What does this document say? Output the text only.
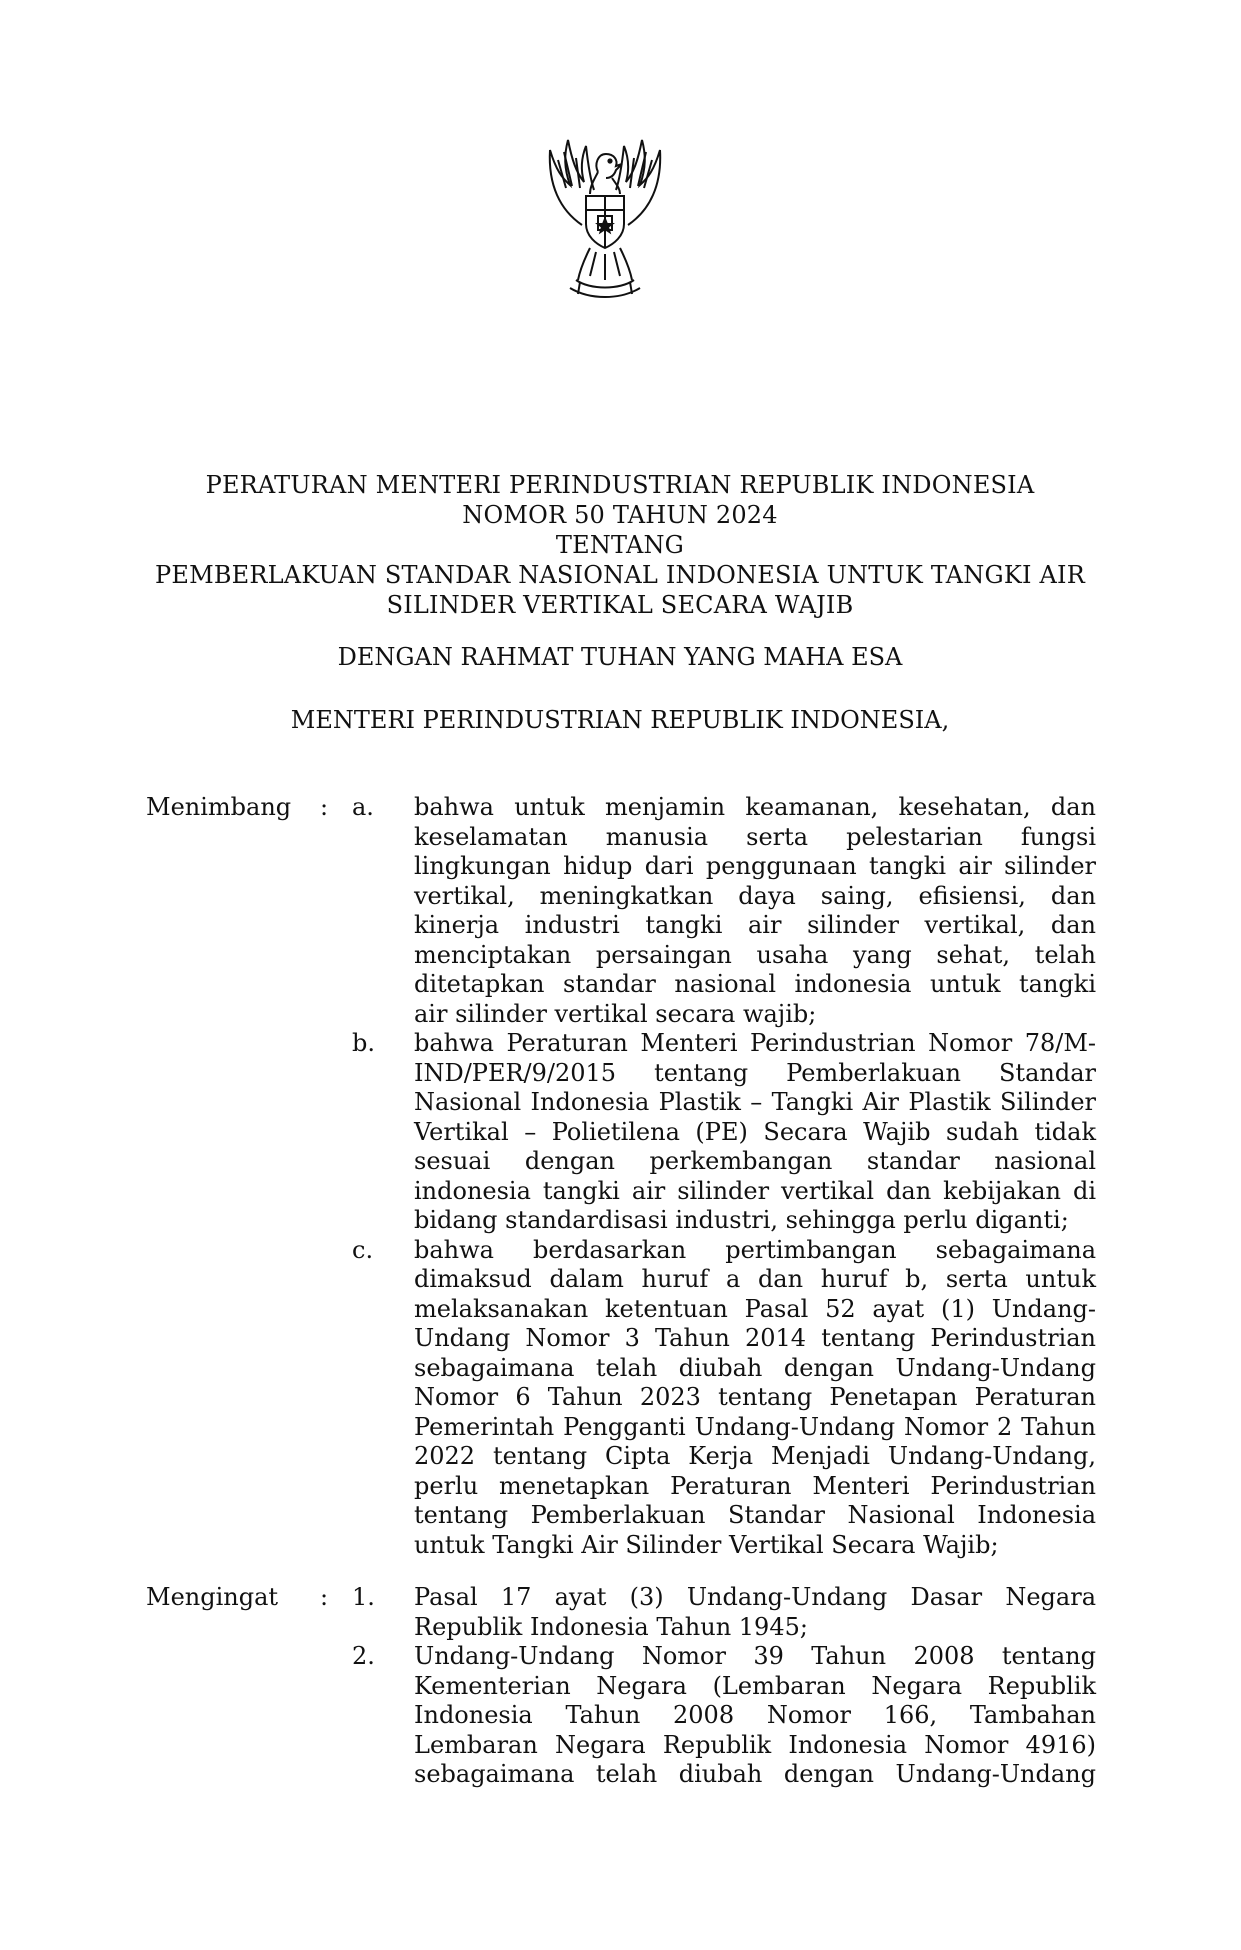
PERATURAN MENTERI PERINDUSTRIAN REPUBLIK INDONESIA
NOMOR 50 TAHUN 2024
TENTANG
PEMBERLAKUAN STANDAR NASIONAL INDONESIA UNTUK TANGKI AIR
SILINDER VERTIKAL SECARA WAJIB
DENGAN RAHMAT TUHAN YANG MAHA ESA
MENTERI PERINDUSTRIAN REPUBLIK INDONESIA,
Menimbang : a. bahwa untuk menjamin keamanan, kesehatan, dan
keselamatan manusia serta pelestarian fungsi
lingkungan hidup dari penggunaan tangki air silinder
vertikal, meningkatkan daya saing, efisiensi, dan
kinerja industri tangki air silinder vertikal, dan
menciptakan persaingan usaha yang sehat, telah
ditetapkan standar nasional indonesia untuk tangki
air silinder vertikal secara wajib;
b. bahwa Peraturan Menteri Perindustrian Nomor 78/M-
IND/PER/9/2015 tentang Pemberlakuan Standar
Nasional Indonesia Plastik – Tangki Air Plastik Silinder
Vertikal – Polietilena (PE) Secara Wajib sudah tidak
sesuai dengan perkembangan standar nasional
indonesia tangki air silinder vertikal dan kebijakan di
bidang standardisasi industri, sehingga perlu diganti;
c. bahwa berdasarkan pertimbangan sebagaimana
dimaksud dalam huruf a dan huruf b, serta untuk
melaksanakan ketentuan Pasal 52 ayat (1) Undang-
Undang Nomor 3 Tahun 2014 tentang Perindustrian
sebagaimana telah diubah dengan Undang-Undang
Nomor 6 Tahun 2023 tentang Penetapan Peraturan
Pemerintah Pengganti Undang-Undang Nomor 2 Tahun
2022 tentang Cipta Kerja Menjadi Undang-Undang,
perlu menetapkan Peraturan Menteri Perindustrian
tentang Pemberlakuan Standar Nasional Indonesia
untuk Tangki Air Silinder Vertikal Secara Wajib;
Mengingat : 1. Pasal 17 ayat (3) Undang-Undang Dasar Negara
Republik Indonesia Tahun 1945;
2. Undang-Undang Nomor 39 Tahun 2008 tentang
Kementerian Negara (Lembaran Negara Republik
Indonesia Tahun 2008 Nomor 166, Tambahan
Lembaran Negara Republik Indonesia Nomor 4916)
sebagaimana telah diubah dengan Undang-Undang
